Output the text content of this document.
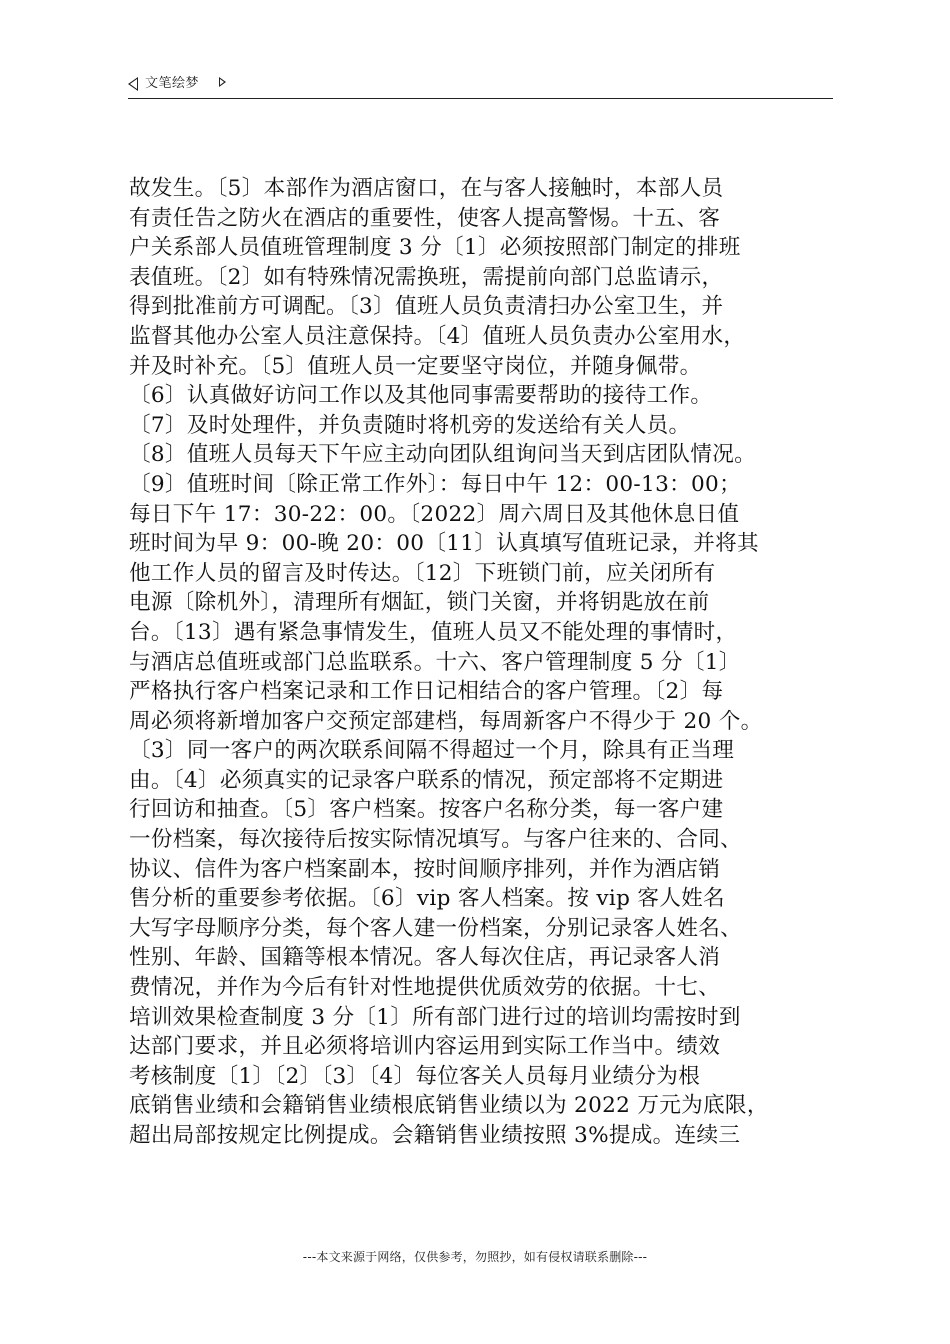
文笔绘梦
故发生。〔5〕本部作为酒店窗口，在与客人接触时，本部人员
有责任告之防火在酒店的重要性，使客人提高警惕。十五、客
户关系部人员值班管理制度 3 分〔1〕必须按照部门制定的排班
表值班。〔2〕如有特殊情况需换班，需提前向部门总监请示，
得到批准前方可调配。〔3〕值班人员负责清扫办公室卫生，并
监督其他办公室人员注意保持。〔4〕值班人员负责办公室用水，
并及时补充。〔5〕值班人员一定要坚守岗位，并随身佩带。
〔6〕认真做好访问工作以及其他同事需要帮助的接待工作。
〔7〕及时处理件，并负责随时将机旁的发送给有关人员。
〔8〕值班人员每天下午应主动向团队组询问当天到店团队情况。
〔9〕值班时间〔除正常工作外〕：每日中午 12：00-13：00；
每日下午 17：30-22：00。〔2022〕周六周日及其他休息日值
班时间为早 9：00-晚 20：00〔11〕认真填写值班记录，并将其
他工作人员的留言及时传达。〔12〕下班锁门前，应关闭所有
电源〔除机外〕，清理所有烟缸，锁门关窗，并将钥匙放在前
台。〔13〕遇有紧急事情发生，值班人员又不能处理的事情时，
与酒店总值班或部门总监联系。十六、客户管理制度 5 分〔1〕
严格执行客户档案记录和工作日记相结合的客户管理。〔2〕每
周必须将新增加客户交预定部建档，每周新客户不得少于 20 个。
〔3〕同一客户的两次联系间隔不得超过一个月，除具有正当理
由。〔4〕必须真实的记录客户联系的情况，预定部将不定期进
行回访和抽查。〔5〕客户档案。按客户名称分类，每一客户建
一份档案，每次接待后按实际情况填写。与客户往来的、合同、
协议、信件为客户档案副本，按时间顺序排列，并作为酒店销
售分析的重要参考依据。〔6〕vip 客人档案。按 vip 客人姓名
大写字母顺序分类，每个客人建一份档案，分别记录客人姓名、
性别、年龄、国籍等根本情况。客人每次住店，再记录客人消
费情况，并作为今后有针对性地提供优质效劳的依据。十七、
培训效果检查制度 3 分〔1〕所有部门进行过的培训均需按时到
达部门要求，并且必须将培训内容运用到实际工作当中。绩效
考核制度〔1〕〔2〕〔3〕〔4〕每位客关人员每月业绩分为根
底销售业绩和会籍销售业绩根底销售业绩以为 2022 万元为底限，
超出局部按规定比例提成。会籍销售业绩按照 3%提成。连续三
---本文来源于网络，仅供参考，勿照抄，如有侵权请联系删除---
